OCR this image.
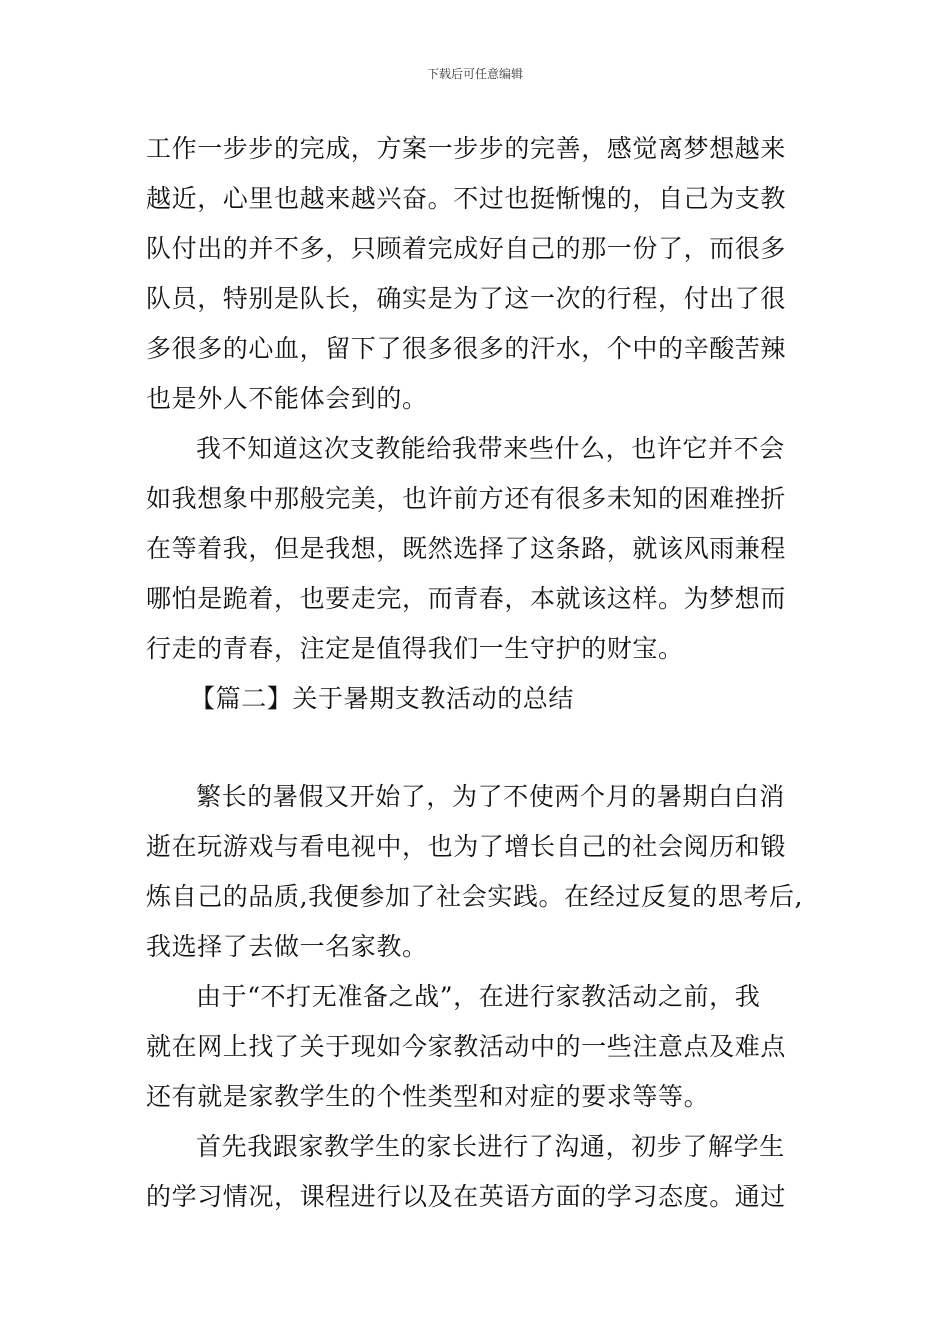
下载后可任意编辑
工作一步步的完成，方案一步步的完善，感觉离梦想越来
越近，心里也越来越兴奋。不过也挺惭愧的，自己为支教
队付出的并不多，只顾着完成好自己的那一份了，而很多
队员，特别是队长，确实是为了这一次的行程，付出了很
多很多的心血，留下了很多很多的汗水，个中的辛酸苦辣
也是外人不能体会到的。
我不知道这次支教能给我带来些什么，也许它并不会
如我想象中那般完美，也许前方还有很多未知的困难挫折
在等着我，但是我想，既然选择了这条路，就该风雨兼程
哪怕是跪着，也要走完，而青春，本就该这样。为梦想而
行走的青春，注定是值得我们一生守护的财宝。
【篇二】关于暑期支教活动的总结
繁长的暑假又开始了，为了不使两个月的暑期白白消
逝在玩游戏与看电视中，也为了增长自己的社会阅历和锻
炼自己的品质,我便参加了社会实践。在经过反复的思考后,
我选择了去做一名家教。
由于“不打无准备之战”，在进行家教活动之前，我
就在网上找了关于现如今家教活动中的一些注意点及难点
还有就是家教学生的个性类型和对症的要求等等。
首先我跟家教学生的家长进行了沟通，初步了解学生
的学习情况，课程进行以及在英语方面的学习态度。通过
